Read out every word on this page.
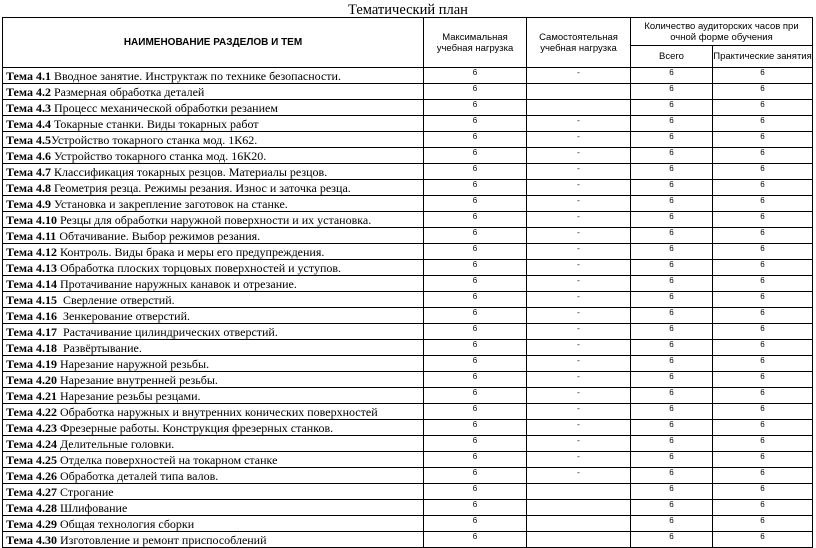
Тематический план
НАИМЕНОВАНИЕ РАЗДЕЛОВ И ТЕМ	Максимальная учебная нагрузка	Самостоятельная учебная нагрузка	Количество аудиторских часов при очной форме обучения	
			Всего	Практические занятия
Тема 4.1 Вводное занятие. Инструктаж по технике безопасности.	6	-	6	6
Тема 4.2 Размерная обработка деталей	6		6	6
Тема 4.3 Процесс механической обработки резанием	6		6	6
Тема 4.4 Токарные станки. Виды токарных работ	6	-	6	6
Тема 4.5Устройство токарного станка мод. 1К62.	6	-	6	6
Тема 4.6 Устройство токарного станка мод. 16К20.	6	-	6	6
Тема 4.7 Классификация токарных резцов. Материалы резцов.	6	-	6	6
Тема 4.8 Геометрия резца. Режимы резания. Износ и заточка резца.	6	-	6	6
Тема 4.9 Установка и закрепление заготовок на станке.	6	-	6	6
Тема 4.10 Резцы для обработки наружной поверхности и их установка.	6	-	6	6
Тема 4.11 Обтачивание. Выбор режимов резания.	6	-	6	6
Тема 4.12 Контроль. Виды брака и меры его предупреждения.	6	-	6	6
Тема 4.13 Обработка плоских торцовых поверхностей и уступов.	6	-	6	6
Тема 4.14 Протачивание наружных канавок и отрезание.	6	-	6	6
Тема 4.15  Сверление отверстий.	6	-	6	6
Тема 4.16  Зенкерование отверстий.	6	-	6	6
Тема 4.17  Растачивание цилиндрических отверстий.	6	-	6	6
Тема 4.18  Развёртывание.	6	-	6	6
Тема 4.19 Нарезание наружной резьбы.	6	-	6	6
Тема 4.20 Нарезание внутренней резьбы.	6	-	6	6
Тема 4.21 Нарезание резьбы резцами.	6	-	6	6
Тема 4.22 Обработка наружных и внутренних конических поверхностей	6	-	6	6
Тема 4.23 Фрезерные работы. Конструкция фрезерных станков.	6	-	6	6
Тема 4.24 Делительные головки.	6	-	6	6
Тема 4.25 Отделка поверхностей на токарном станке	6	-	6	6
Тема 4.26 Обработка деталей типа валов.	6	-	6	6
Тема 4.27 Строгание	6		6	6
Тема 4.28 Шлифование	6		6	6
Тема 4.29 Общая технология сборки	6		6	6
Тема 4.30 Изготовление и ремонт приспособлений	6		6	6
